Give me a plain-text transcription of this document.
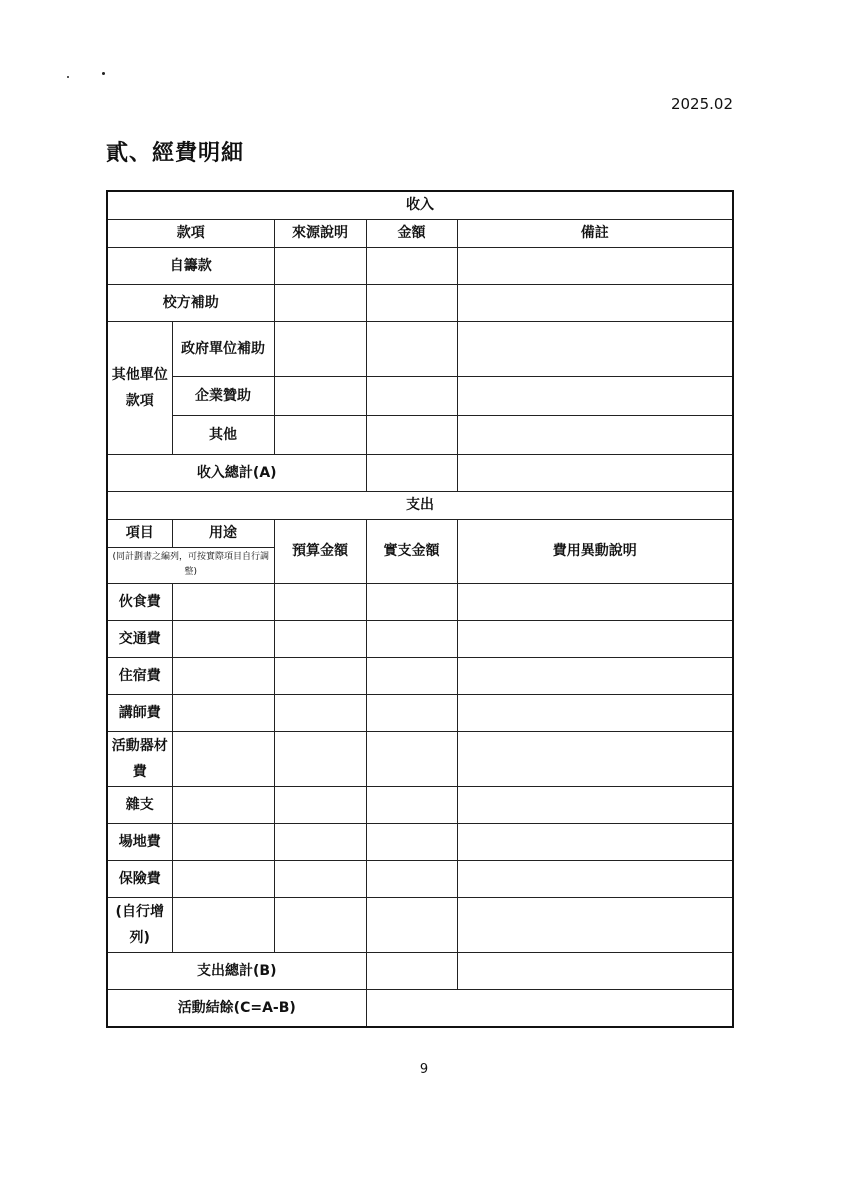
2025.02
貳、經費明細
收入				
款項		來源說明	金額	備註
自籌款				
校方補助				
其他單位款項	政府單位補助			
	企業贊助			
	其他			
收入總計(A)				
支出				
項目	用途	預算金額	實支金額	費用異動說明

(同計劃書之編列，可按實際項目自行調整)				

伙食費				
交通費				
住宿費				
講師費				
活動器材費				
雜支				
場地費				
保險費				
(自行增列)				
支出總計(B)				
活動結餘(C=A-B)				
9
